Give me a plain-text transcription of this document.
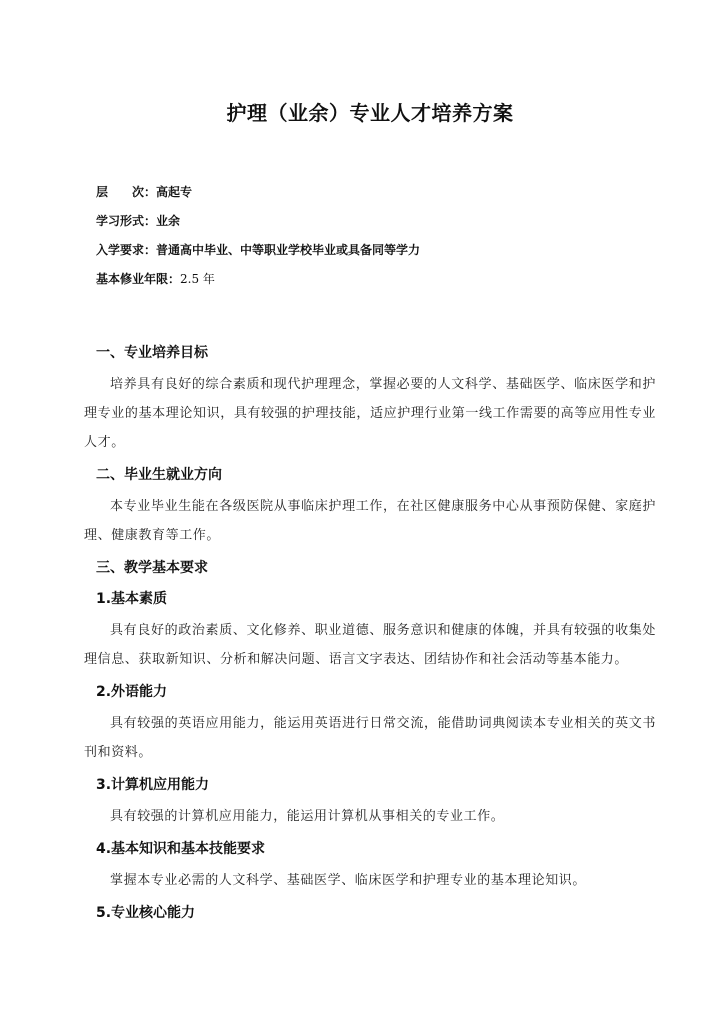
护理（业余）专业人才培养方案
层　　次：高起专
学习形式：业余
入学要求：普通高中毕业、中等职业学校毕业或具备同等学力
基本修业年限：2.5 年
一、专业培养目标

培养具有良好的综合素质和现代护理理念，掌握必要的人文科学、基础医学、临床医学和护理专业的基本理论知识，具有较强的护理技能，适应护理行业第一线工作需要的高等应用性专业人才。

二、毕业生就业方向

本专业毕业生能在各级医院从事临床护理工作，在社区健康服务中心从事预防保健、家庭护理、健康教育等工作。

三、教学基本要求
1.基本素质

具有良好的政治素质、文化修养、职业道德、服务意识和健康的体魄，并具有较强的收集处理信息、获取新知识、分析和解决问题、语言文字表达、团结协作和社会活动等基本能力。

2.外语能力

具有较强的英语应用能力，能运用英语进行日常交流，能借助词典阅读本专业相关的英文书刊和资料。

3.计算机应用能力

具有较强的计算机应用能力，能运用计算机从事相关的专业工作。

4.基本知识和基本技能要求

掌握本专业必需的人文科学、基础医学、临床医学和护理专业的基本理论知识。

5.专业核心能力
